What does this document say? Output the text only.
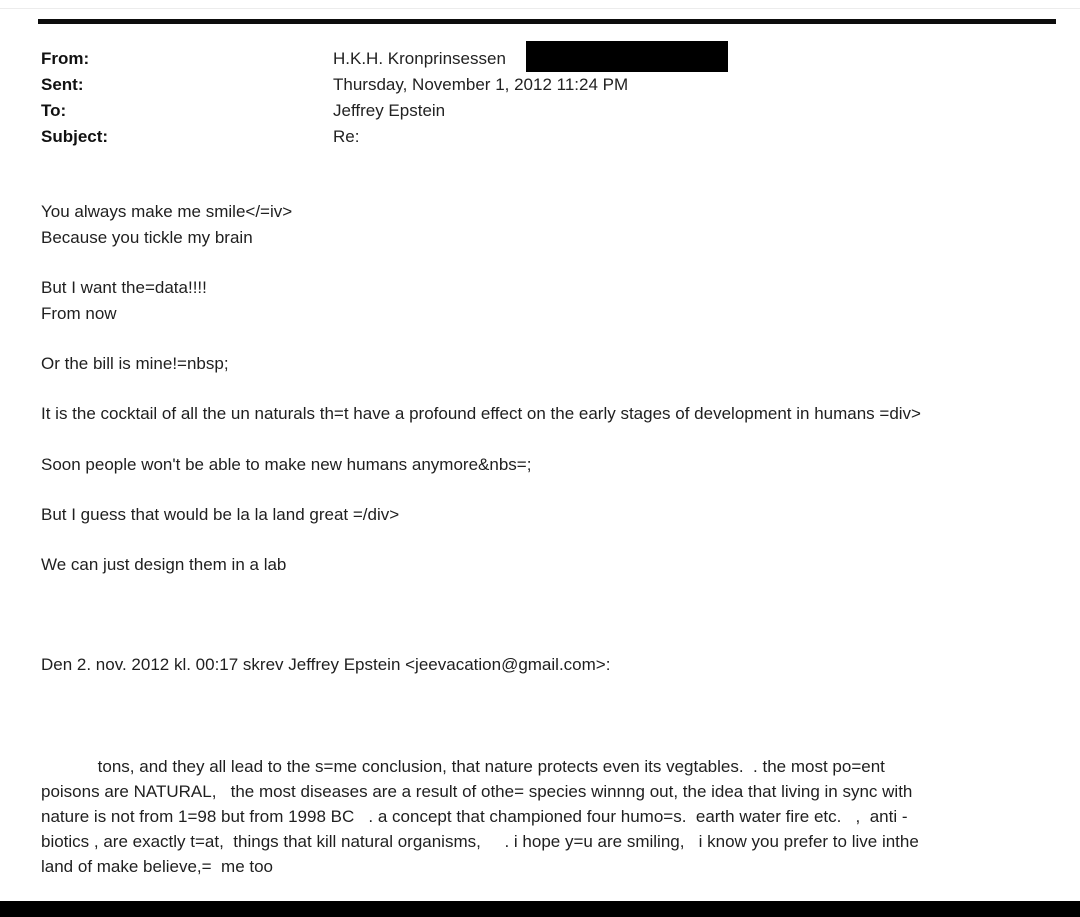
From:
Sent:
To:
Subject:
H.K.H. Kronprinsessen
Thursday, November 1, 2012 11:24 PM
Jeffrey Epstein
Re:
You always make me smile</=iv>
Because you tickle my brain
But I want the=data!!!!
From now
Or the bill is mine!=nbsp;
It is the cocktail of all the un naturals th=t have a profound effect on the early stages of development in humans =div>
Soon people won't be able to make new humans anymore&nbs=;
But I guess that would be la la land great =/div>
We can just design them in a lab
Den 2. nov. 2012 kl. 00:17 skrev Jeffrey Epstein <jeevacation@gmail.com>:
tons, and they all lead to the s=me conclusion, that nature protects even its vegtables.  . the most po=ent
poisons are NATURAL,   the most diseases are a result of othe= species winnng out, the idea that living in sync with
nature is not from 1=98 but from 1998 BC   . a concept that championed four humo=s.  earth water fire etc.   ,  anti -
biotics , are exactly t=at,  things that kill natural organisms,     . i hope y=u are smiling,   i know you prefer to live inthe
land of make believe,=  me too
